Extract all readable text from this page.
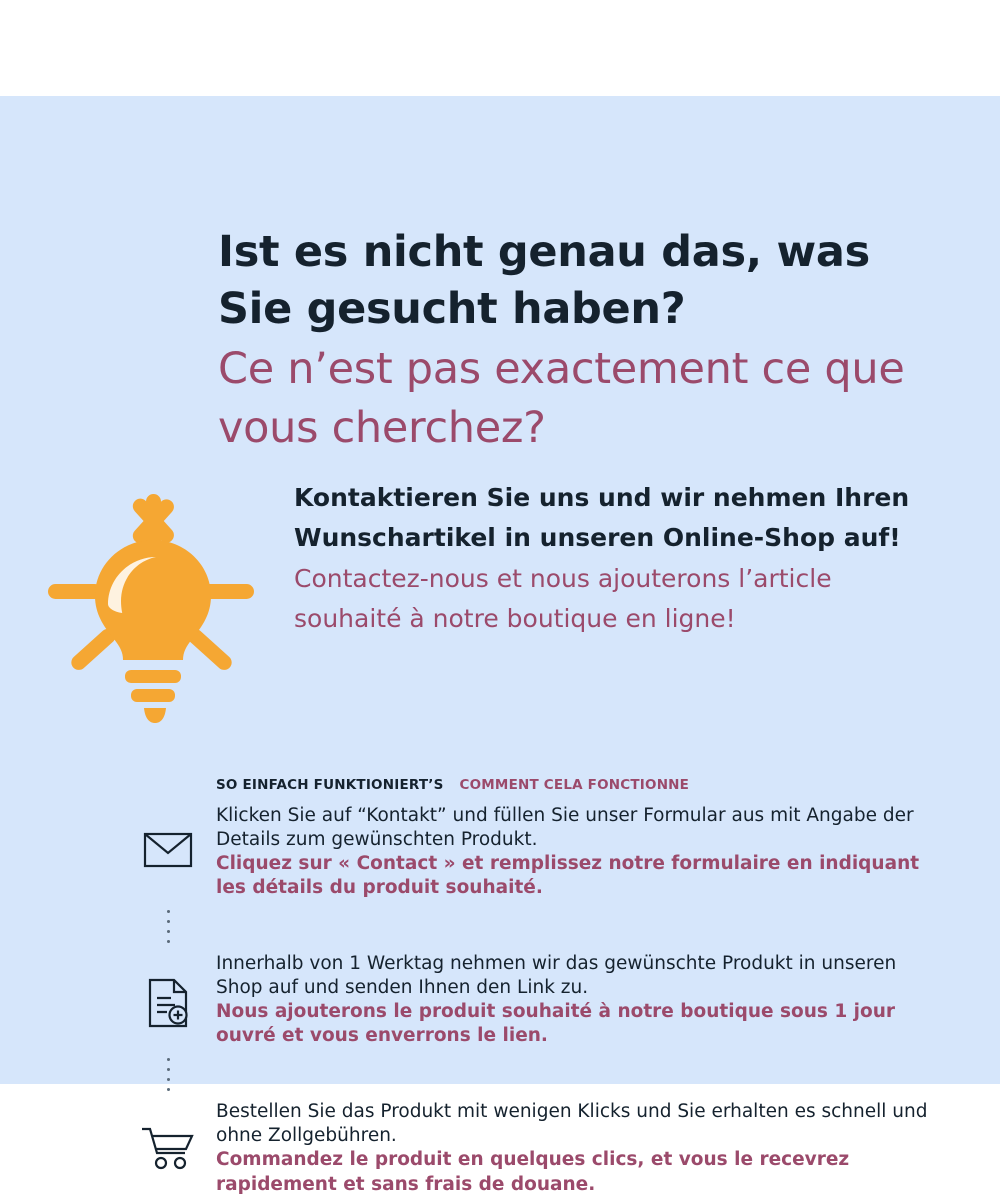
Ist es nicht genau das, was Sie gesucht haben?
Ce n’est pas exactement ce que vous cherchez?
Kontaktieren Sie uns und wir nehmen Ihren Wunschartikel in unseren Online-Shop auf!
Contactez-nous et nous ajouterons l’article souhaité à notre boutique en ligne!
SO EINFACH FUNKTIONIERT’S COMMENT CELA FONCTIONNE
Klicken Sie auf “Kontakt” und füllen Sie unser Formular aus mit Angabe der Details zum gewünschten Produkt.
Cliquez sur « Contact » et remplissez notre formulaire en indiquant les détails du produit souhaité.
Innerhalb von 1 Werktag nehmen wir das gewünschte Produkt in unseren Shop auf und senden Ihnen den Link zu.
Nous ajouterons le produit souhaité à notre boutique sous 1 jour ouvré et vous enverrons le lien.
Bestellen Sie das Produkt mit wenigen Klicks und Sie erhalten es schnell und ohne Zollgebühren.
Commandez le produit en quelques clics, et vous le recevrez rapidement et sans frais de douane.
